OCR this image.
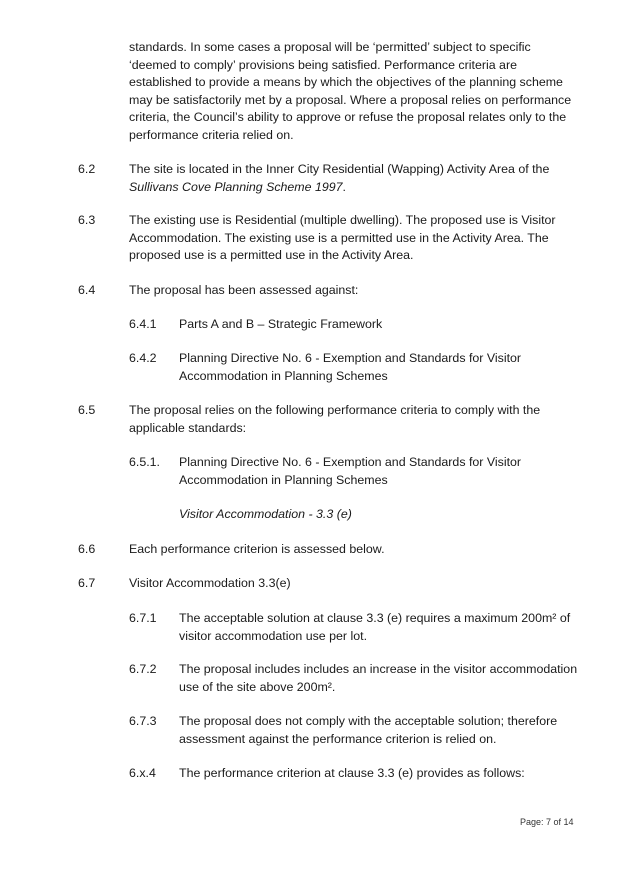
standards. In some cases a proposal will be ‘permitted’ subject to specific ‘deemed to comply’ provisions being satisfied. Performance criteria are established to provide a means by which the objectives of the planning scheme may be satisfactorily met by a proposal. Where a proposal relies on performance criteria, the Council’s ability to approve or refuse the proposal relates only to the performance criteria relied on.
6.2	The site is located in the Inner City Residential (Wapping) Activity Area of the Sullivans Cove Planning Scheme 1997.
6.3	The existing use is Residential (multiple dwelling). The proposed use is Visitor Accommodation. The existing use is a permitted use in the Activity Area. The proposed use is a permitted use in the Activity Area.
6.4	The proposal has been assessed against:
6.4.1	Parts A and B – Strategic Framework
6.4.2	Planning Directive No. 6 - Exemption and Standards for Visitor Accommodation in Planning Schemes
6.5	The proposal relies on the following performance criteria to comply with the applicable standards:
6.5.1.	Planning Directive No. 6 - Exemption and Standards for Visitor Accommodation in Planning Schemes
Visitor Accommodation - 3.3 (e)
6.6	Each performance criterion is assessed below.
6.7	Visitor Accommodation 3.3(e)
6.7.1	The acceptable solution at clause 3.3 (e) requires a maximum 200m² of visitor accommodation use per lot.
6.7.2	The proposal includes includes an increase in the visitor accommodation use of the site above 200m².
6.7.3	The proposal does not comply with the acceptable solution; therefore assessment against the performance criterion is relied on.
6.x.4	The performance criterion at clause 3.3 (e) provides as follows:
Page: 7 of 14
